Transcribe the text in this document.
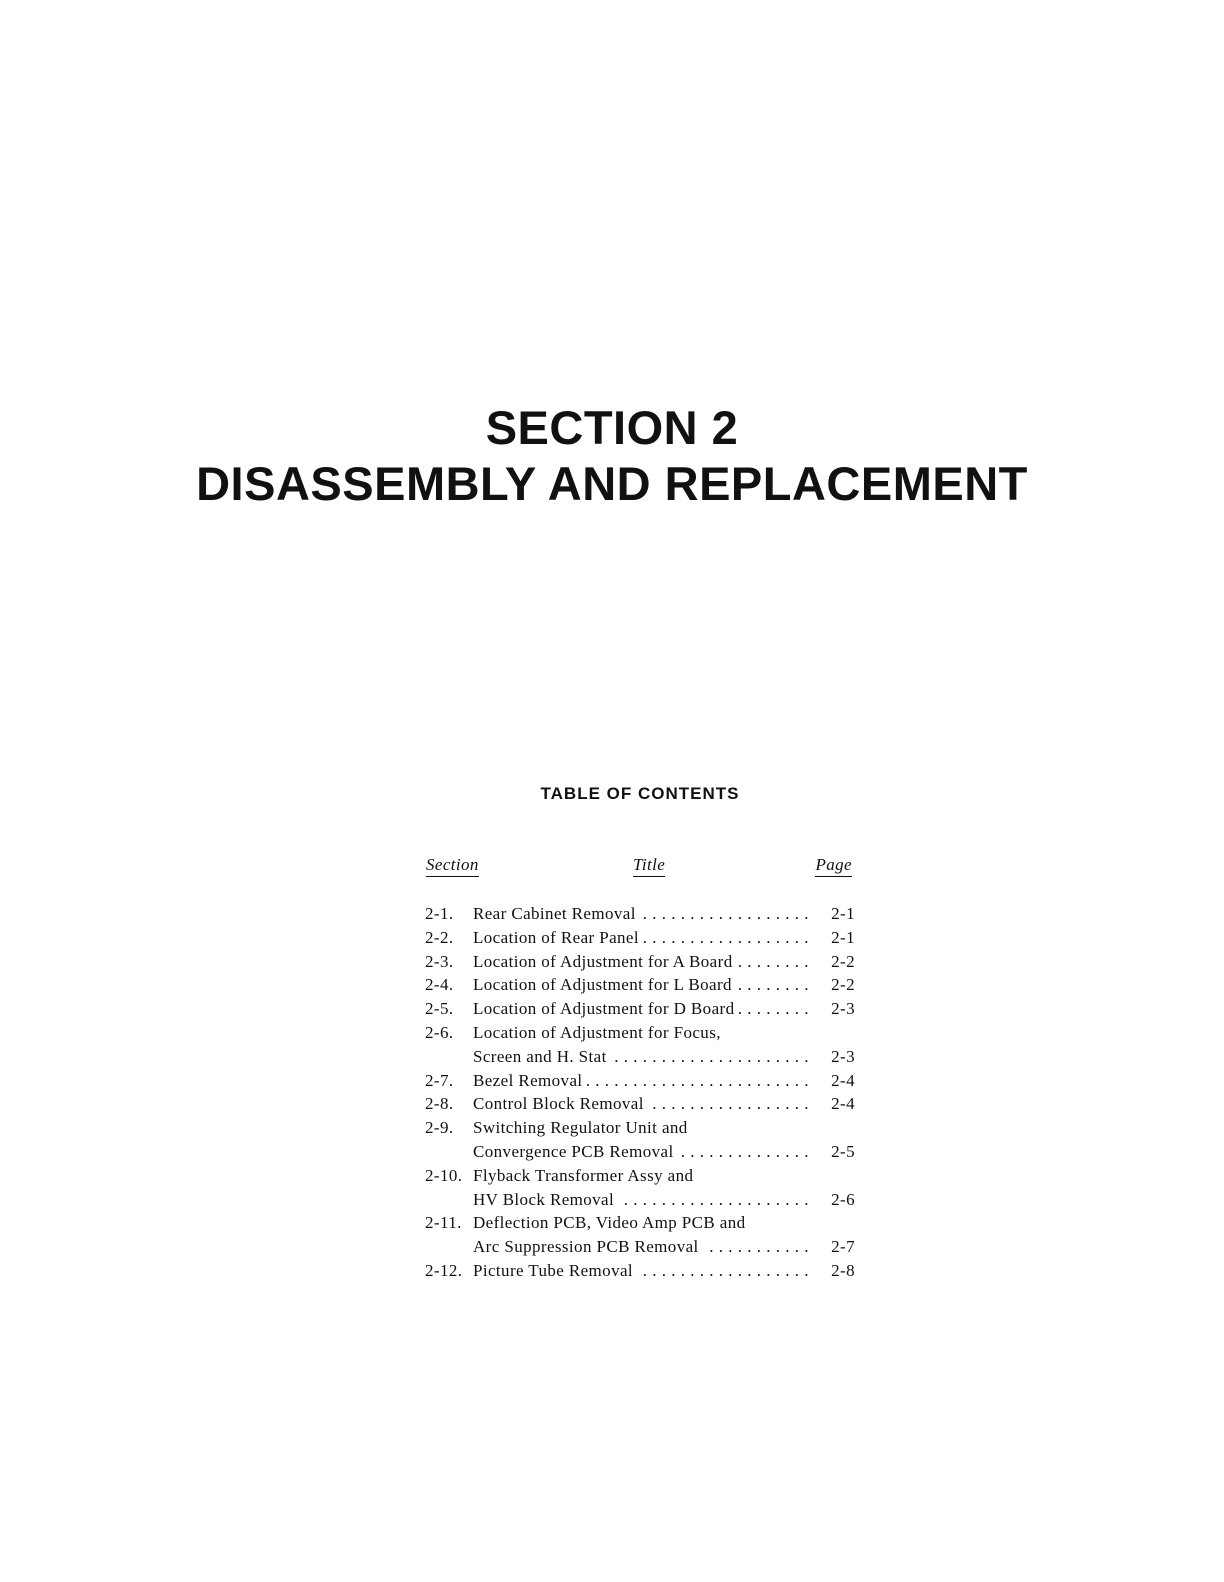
SECTION 2
DISASSEMBLY AND REPLACEMENT
TABLE OF CONTENTS
Section	Title	Page
2-1.	Rear Cabinet Removal . . .	2-1
2-2.	Location of Rear Panel . . .	2-1
2-3.	Location of Adjustment for A Board . . .	2-2
2-4.	Location of Adjustment for L Board . . .	2-2
2-5.	Location of Adjustment for D Board . . .	2-3
2-6.	Location of Adjustment for Focus,
Screen and H. Stat . . .	2-3
2-7.	Bezel Removal . . .	2-4
2-8.	Control Block Removal . . .	2-4
2-9.	Switching Regulator Unit and
Convergence PCB Removal . . .	2-5
2-10. Flyback Transformer Assy and
HV Block Removal . . .	2-6
2-11. Deflection PCB, Video Amp PCB and
Arc Suppression PCB Removal . . .	2-7
2-12. Picture Tube Removal . . .	2-8
